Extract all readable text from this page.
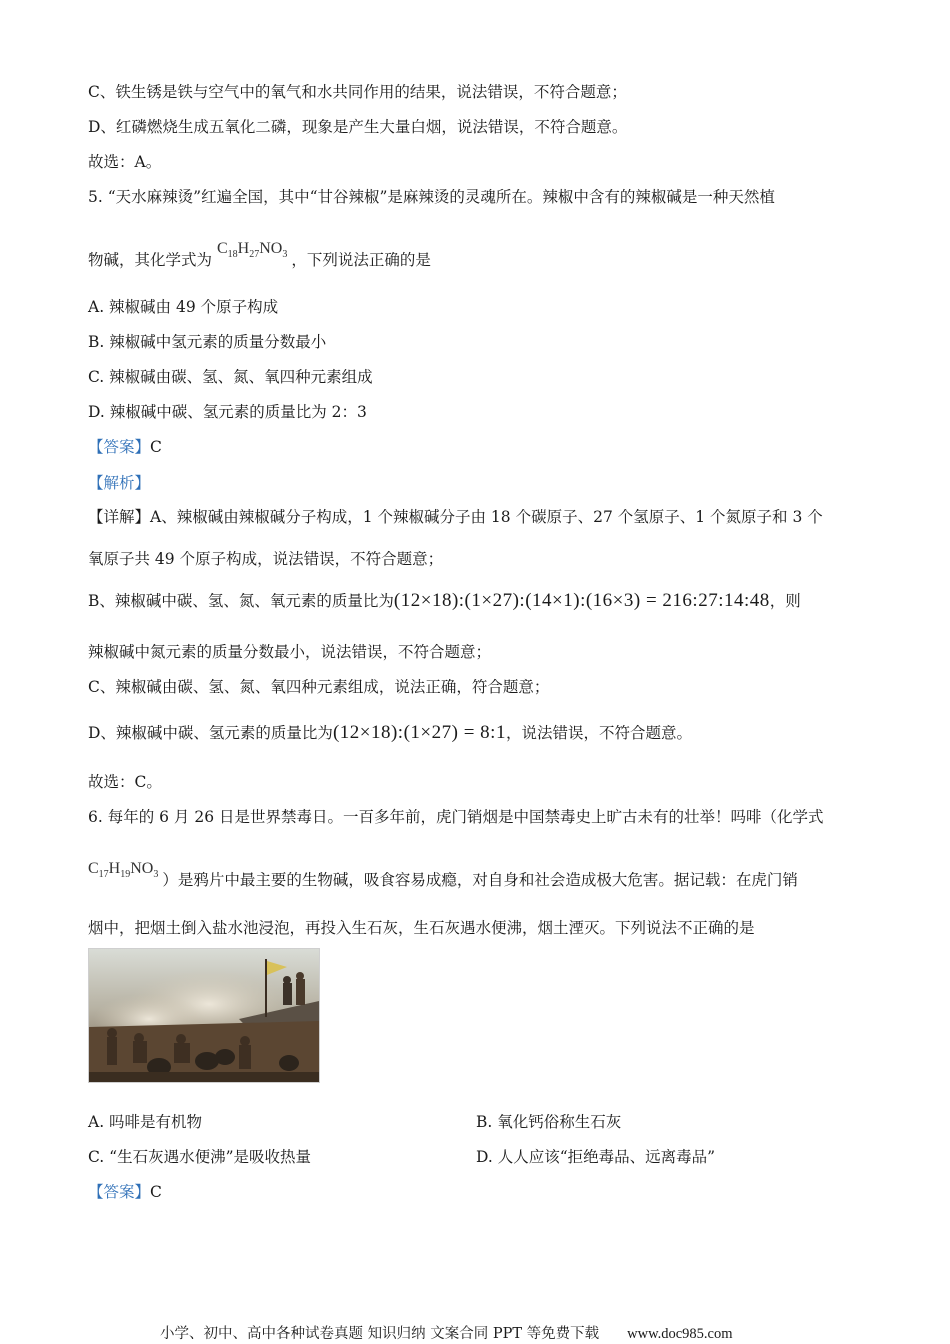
C、铁生锈是铁与空气中的氧气和水共同作用的结果，说法错误，不符合题意；
D、红磷燃烧生成五氧化二磷，现象是产生大量白烟，说法错误，不符合题意。
故选：A。
5. “天水麻辣烫”红遍全国，其中“甘谷辣椒”是麻辣烫的灵魂所在。辣椒中含有的辣椒碱是一种天然植
物碱，其化学式为 $C_{18}H_{27}NO_3$ ，下列说法正确的是
A. 辣椒碱由 49 个原子构成
B. 辣椒碱中氢元素的质量分数最小
C. 辣椒碱由碳、氢、氮、氧四种元素组成
D. 辣椒碱中碳、氢元素的质量比为 2：3
【答案】C
【解析】
【详解】A、辣椒碱由辣椒碱分子构成，1 个辣椒碱分子由 18 个碳原子、27 个氢原子、1 个氮原子和 3 个
氧原子共 49 个原子构成，说法错误，不符合题意；
B、辣椒碱中碳、氢、氮、氧元素的质量比为(12×18):(1×27):(14×1):(16×3) = 216:27:14:48，则
辣椒碱中氮元素的质量分数最小，说法错误，不符合题意；
C、辣椒碱由碳、氢、氮、氧四种元素组成，说法正确，符合题意；
D、辣椒碱中碳、氢元素的质量比为(12×18):(1×27) = 8:1，说法错误，不符合题意。
故选：C。
6. 每年的 6 月 26 日是世界禁毒日。一百多年前，虎门销烟是中国禁毒史上旷古未有的壮举！吗啡（化学式
$C_{17}H_{19}NO_3$ ）是鸦片中最主要的生物碱，吸食容易成瘾，对自身和社会造成极大危害。据记载：在虎门销
烟中，把烟土倒入盐水池浸泡，再投入生石灰，生石灰遇水便沸，烟土湮灭。下列说法不正确的是
A. 吗啡是有机物	B. 氧化钙俗称生石灰
C. “生石灰遇水便沸”是吸收热量	D. 人人应该“拒绝毒品、远离毒品”
【答案】C
小学、初中、高中各种试卷真题 知识归纳 文案合同 PPT 等免费下载 www.doc985.com
